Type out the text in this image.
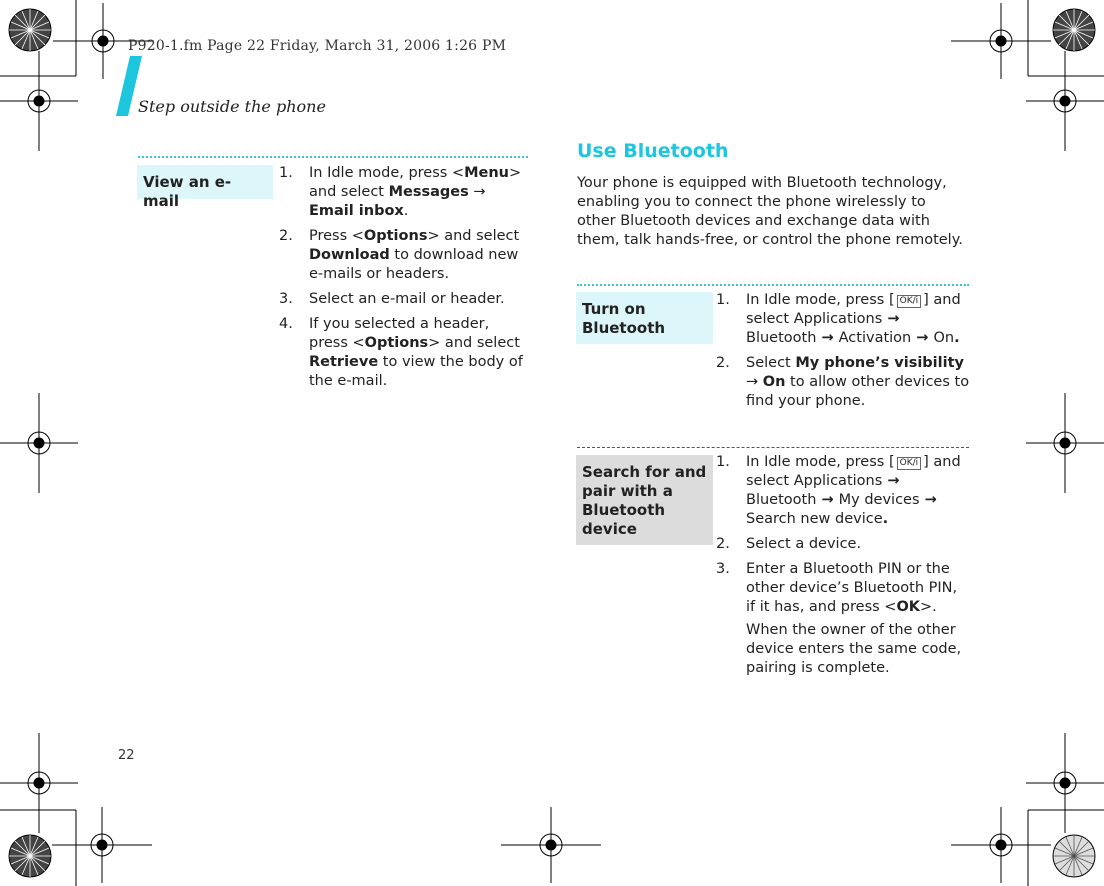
P920-1.fm Page 22 Friday, March 31, 2006 1:26 PM
Step outside the phone
View an e-mail
1. In Idle mode, press <Menu> and select Messages → Email inbox.
2. Press <Options> and select Download to download new e-mails or headers.
3. Select an e-mail or header.
4. If you selected a header, press <Options> and select Retrieve to view the body of the e-mail.
Use Bluetooth
Your phone is equipped with Bluetooth technology, enabling you to connect the phone wirelessly to other Bluetooth devices and exchange data with them, talk hands-free, or control the phone remotely.
Turn on Bluetooth
1. In Idle mode, press [ OK/i ] and select Applications → Bluetooth → Activation → On.
2. Select My phone’s visibility → On to allow other devices to find your phone.
Search for and pair with a Bluetooth device
1. In Idle mode, press [ OK/i ] and select Applications → Bluetooth → My devices → Search new device.
2. Select a device.
3. Enter a Bluetooth PIN or the other device’s Bluetooth PIN, if it has, and press <OK>.
When the owner of the other device enters the same code, pairing is complete.
22
